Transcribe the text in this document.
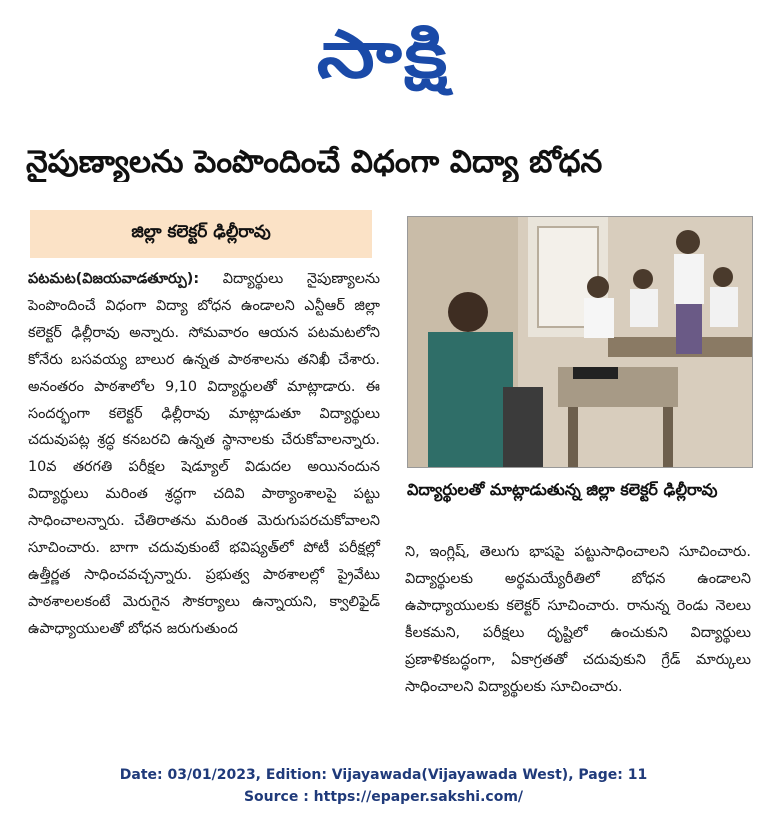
సాక్షి
నైపుణ్యాలను పెంపొందించే విధంగా విద్యా బోధన
జిల్లా కలెక్టర్‌ ఢిల్లీరావు
పటమట(విజయవాడతూర్పు): విద్యార్థులు నైపుణ్యాలను పెంపొందించే విధంగా విద్యా బోధన ఉండాలని ఎన్టీఆర్‌ జిల్లా కలెక్టర్‌ ఢిల్లీరావు అన్నారు. సోమవారం ఆయన పటమటలోని కోనేరు బసవయ్య బాలుర ఉన్నత పాఠశాలను తనిఖీ చేశారు. అనంతరం పాఠశాలోల 9,10 విద్యార్థులతో మాట్లాడారు. ఈ సందర్భంగా కలెక్టర్‌ ఢిల్లీరావు మాట్లాడుతూ విద్యార్థులు చదువుపట్ల శ్రద్ధ కనబరచి ఉన్నత స్థానాలకు చేరుకోవాలన్నారు. 10వ తరగతి పరీక్షల షెడ్యూల్‌ విడుదల అయినందున విద్యార్థులు మరింత శ్రద్ధగా చదివి పాఠ్యాంశాలపై పట్టు సాధించాలన్నారు. చేతిరాతను మరింత మెరుగుపరచుకోవాలని సూచించారు. బాగా చదువుకుంటే భవిష్యత్‌లో పోటీ పరీక్షల్లో ఉత్తీర్ణత సాధించవచ్చన్నారు. ప్రభుత్వ పాఠశాలల్లో ప్రైవేటు పాఠశాలలకంటే మెరుగైన సౌకర్యాలు ఉన్నాయని, క్వాలిఫైడ్‌ ఉపాధ్యాయులతో బోధన జరుగుతుంద
విద్యార్థులతో మాట్లాడుతున్న జిల్లా కలెక్టర్‌ ఢిల్లీరావు
ని, ఇంగ్లిష్‌, తెలుగు భాషపై పట్టుసాధించాలని సూచించారు. విద్యార్థులకు అర్థమయ్యేరీతిలో బోధన ఉండాలని ఉపాధ్యాయులకు కలెక్టర్‌ సూచించారు. రానున్న రెండు నెలలు కీలకమని, పరీక్షలు దృష్టిలో ఉంచుకుని విద్యార్థులు ప్రణాళికబద్ధంగా, ఏకాగ్రతతో చదువుకుని గ్రేడ్‌ మార్కులు సాధించాలని విద్యార్థులకు సూచించారు.
Date: 03/01/2023, Edition: Vijayawada(Vijayawada West), Page: 11
Source : https://epaper.sakshi.com/
